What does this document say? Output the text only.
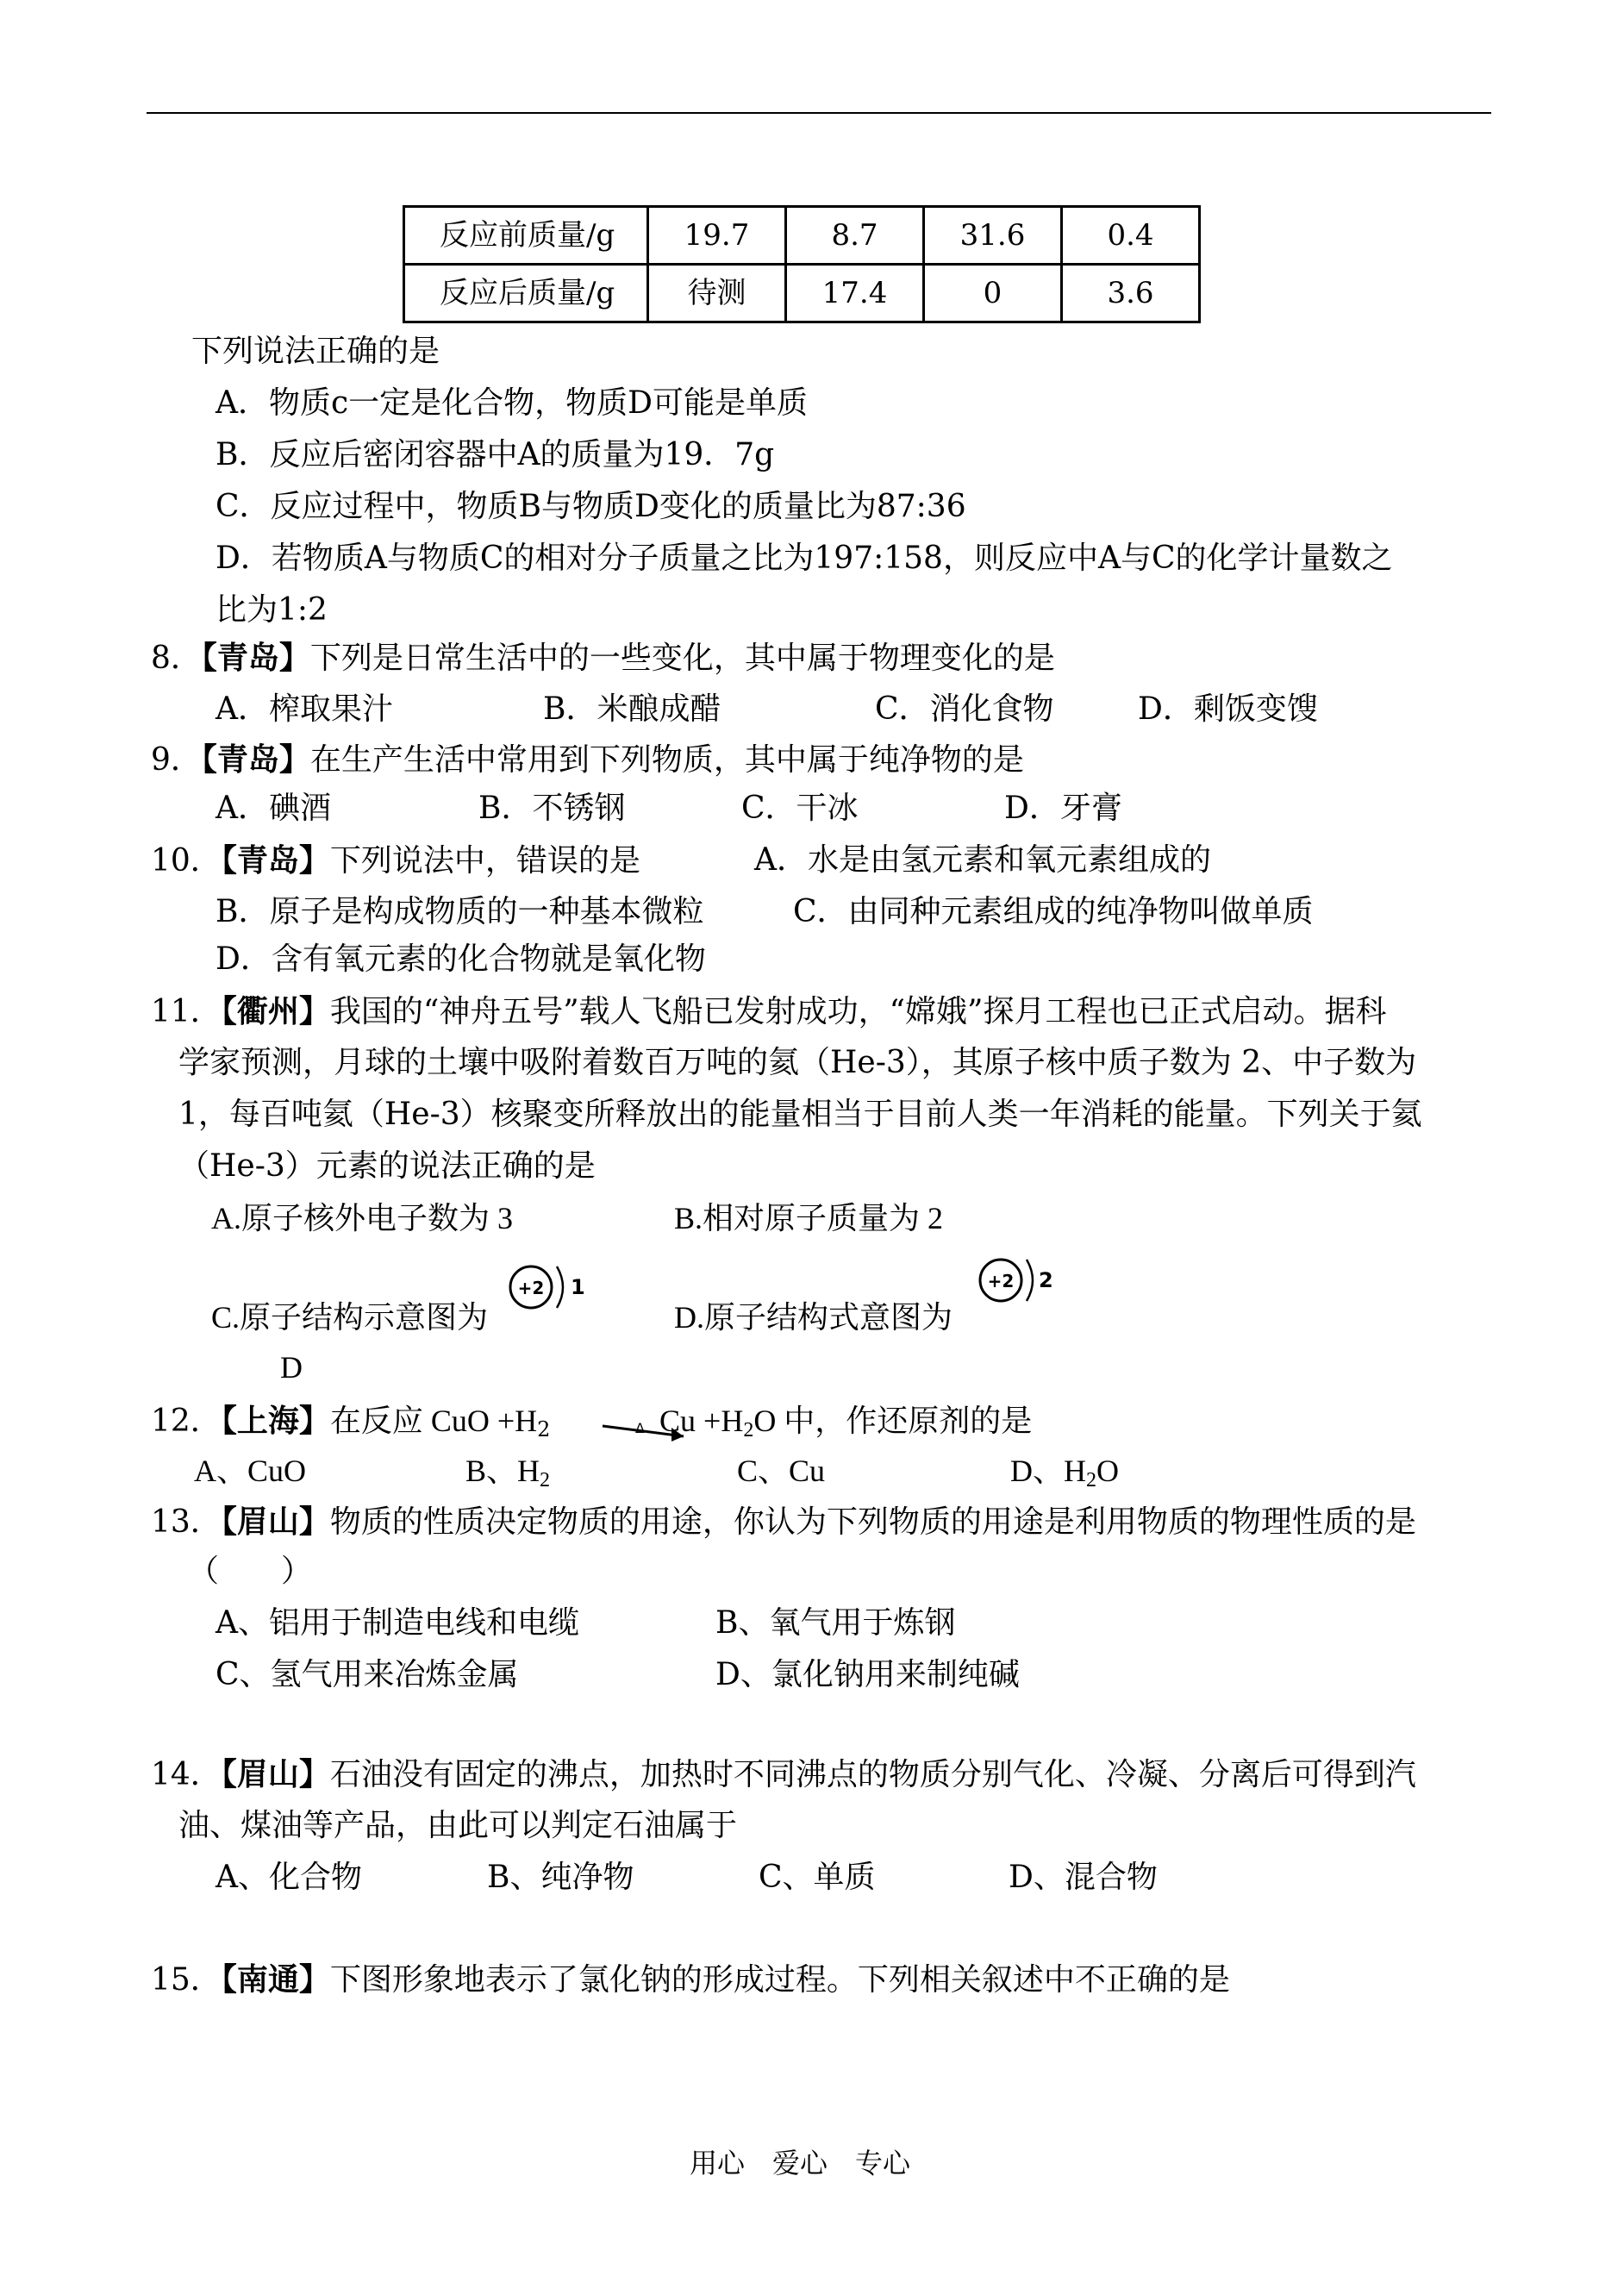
反应前质量/g	19.7	8.7	31.6	0.4
反应后质量/g	待测	17.4	0	3.6
下列说法正确的是
A．物质c一定是化合物，物质D可能是单质
B．反应后密闭容器中A的质量为19．7g
C．反应过程中，物质B与物质D变化的质量比为87:36
D．若物质A与物质C的相对分子质量之比为197:158，则反应中A与C的化学计量数之
比为1:2
8．【青岛】下列是日常生活中的一些变化，其中属于物理变化的是
A．榨取果汁	B．米酿成醋	C．消化食物	D．剩饭变馊
9．【青岛】在生产生活中常用到下列物质，其中属于纯净物的是
A．碘酒	B．不锈钢	C．干冰	D．牙膏
10．【青岛】下列说法中，错误的是	A．水是由氢元素和氧元素组成的
B．原子是构成物质的一种基本微粒	C．由同种元素组成的纯净物叫做单质
D．含有氧元素的化合物就是氧化物
11．【衢州】我国的“神舟五号”载人飞船已发射成功，“嫦娥”探月工程也已正式启动。据科
学家预测，月球的土壤中吸附着数百万吨的氦（He-3），其原子核中质子数为 2、中子数为
1，每百吨氦（He-3）核聚变所释放出的能量相当于目前人类一年消耗的能量。下列关于氦
（He-3）元素的说法正确的是
A.原子核外电子数为 3	B.相对原子质量为 2
C.原子结构示意图为
+2 1
D.原子结构式意图为
+2 2
D
12．【上海】在反应 CuO $+H_2$	Δ $Cu +H_2O$ 中，作还原剂的是
A、CuO	B、$H_2$	C、Cu	D、$H_2O$
13．【眉山】物质的性质决定物质的用途，你认为下列物质的用途是利用物质的物理性质的是
（　　）
A、铝用于制造电线和电缆	B、氧气用于炼钢
C、氢气用来冶炼金属	D、氯化钠用来制纯碱
14．【眉山】石油没有固定的沸点，加热时不同沸点的物质分别气化、冷凝、分离后可得到汽
油、煤油等产品，由此可以判定石油属于
A、化合物	B、纯净物	C、单质	D、混合物
15．【南通】下图形象地表示了氯化钠的形成过程。下列相关叙述中不正确的是
用心　爱心　专心
